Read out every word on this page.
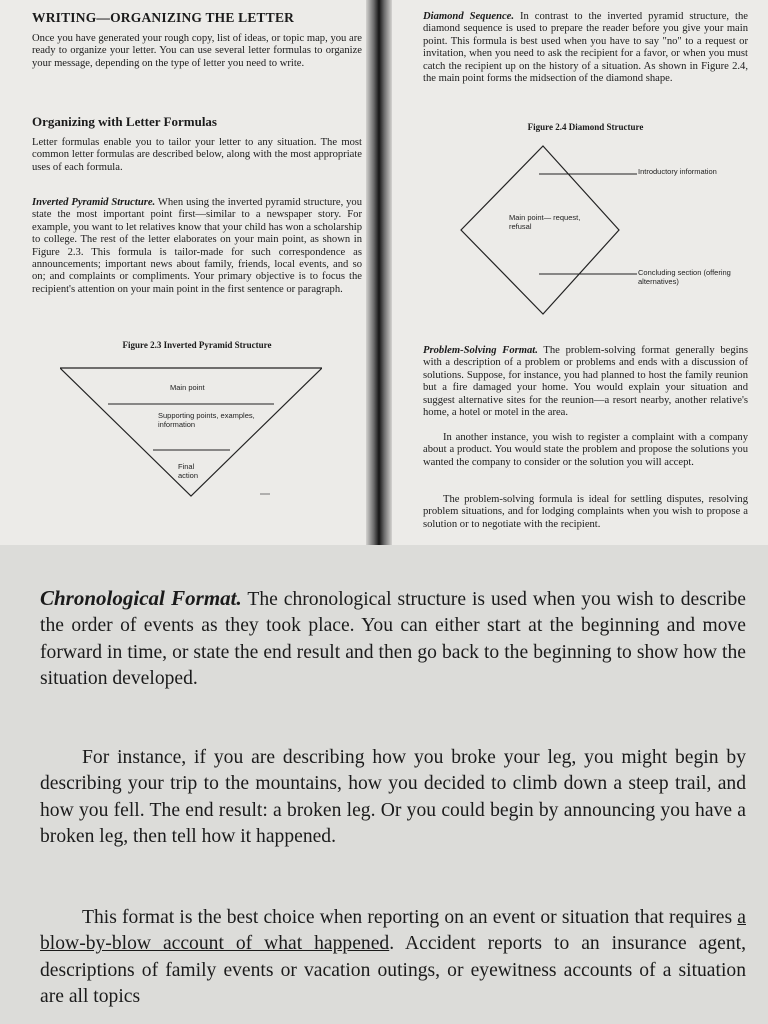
WRITING—ORGANIZING THE LETTER

Once you have generated your rough copy, list of ideas, or topic map, you are ready to organize your letter. You can use several letter formulas to organize your message, depending on the type of letter you need to write.

Organizing with Letter Formulas

Letter formulas enable you to tailor your letter to any situation. The most common letter formulas are described below, along with the most appropriate uses of each formula.

Inverted Pyramid Structure. When using the inverted pyramid structure, you state the most important point first—similar to a newspaper story. For example, you want to let relatives know that your child has won a scholarship to college. The rest of the letter elaborates on your main point, as shown in Figure 2.3. This formula is tailor-made for such correspondence as announcements; important news about family, friends, local events, and so on; and complaints or compliments. Your primary objective is to focus the recipient's attention on your main point in the first sentence or paragraph.

Figure 2.3 Inverted Pyramid Structure

Main point
Supporting points, examples, information
Final action

Diamond Sequence. In contrast to the inverted pyramid structure, the diamond sequence is used to prepare the reader before you give your main point. This formula is best used when you have to say "no" to a request or invitation, when you need to ask the recipient for a favor, or when you must catch the recipient up on the history of a situation. As shown in Figure 2.4, the main point forms the midsection of the diamond shape.

Figure 2.4 Diamond Structure

Introductory information
Main point— request, refusal
Concluding section (offering alternatives)

Problem-Solving Format. The problem-solving format generally begins with a description of a problem or problems and ends with a discussion of solutions. Suppose, for instance, you had planned to host the family reunion but a fire damaged your home. You would explain your situation and suggest alternative sites for the reunion—a resort nearby, another relative's home, a hotel or motel in the area.

In another instance, you wish to register a complaint with a company about a product. You would state the problem and propose the solutions you wanted the company to consider or the solution you will accept.

The problem-solving formula is ideal for settling disputes, resolving problem situations, and for lodging complaints when you wish to propose a solution or to negotiate with the recipient.

Chronological Format. The chronological structure is used when you wish to describe the order of events as they took place. You can either start at the beginning and move forward in time, or state the end result and then go back to the beginning to show how the situation developed.

For instance, if you are describing how you broke your leg, you might begin by describing your trip to the mountains, how you decided to climb down a steep trail, and how you fell. The end result: a broken leg. Or you could begin by announcing you have a broken leg, then tell how it happened.

This format is the best choice when reporting on an event or situation that requires a blow-by-blow account of what happened. Accident reports to an insurance agent, descriptions of family events or vacation outings, or eyewitness accounts of a situation are all topics
